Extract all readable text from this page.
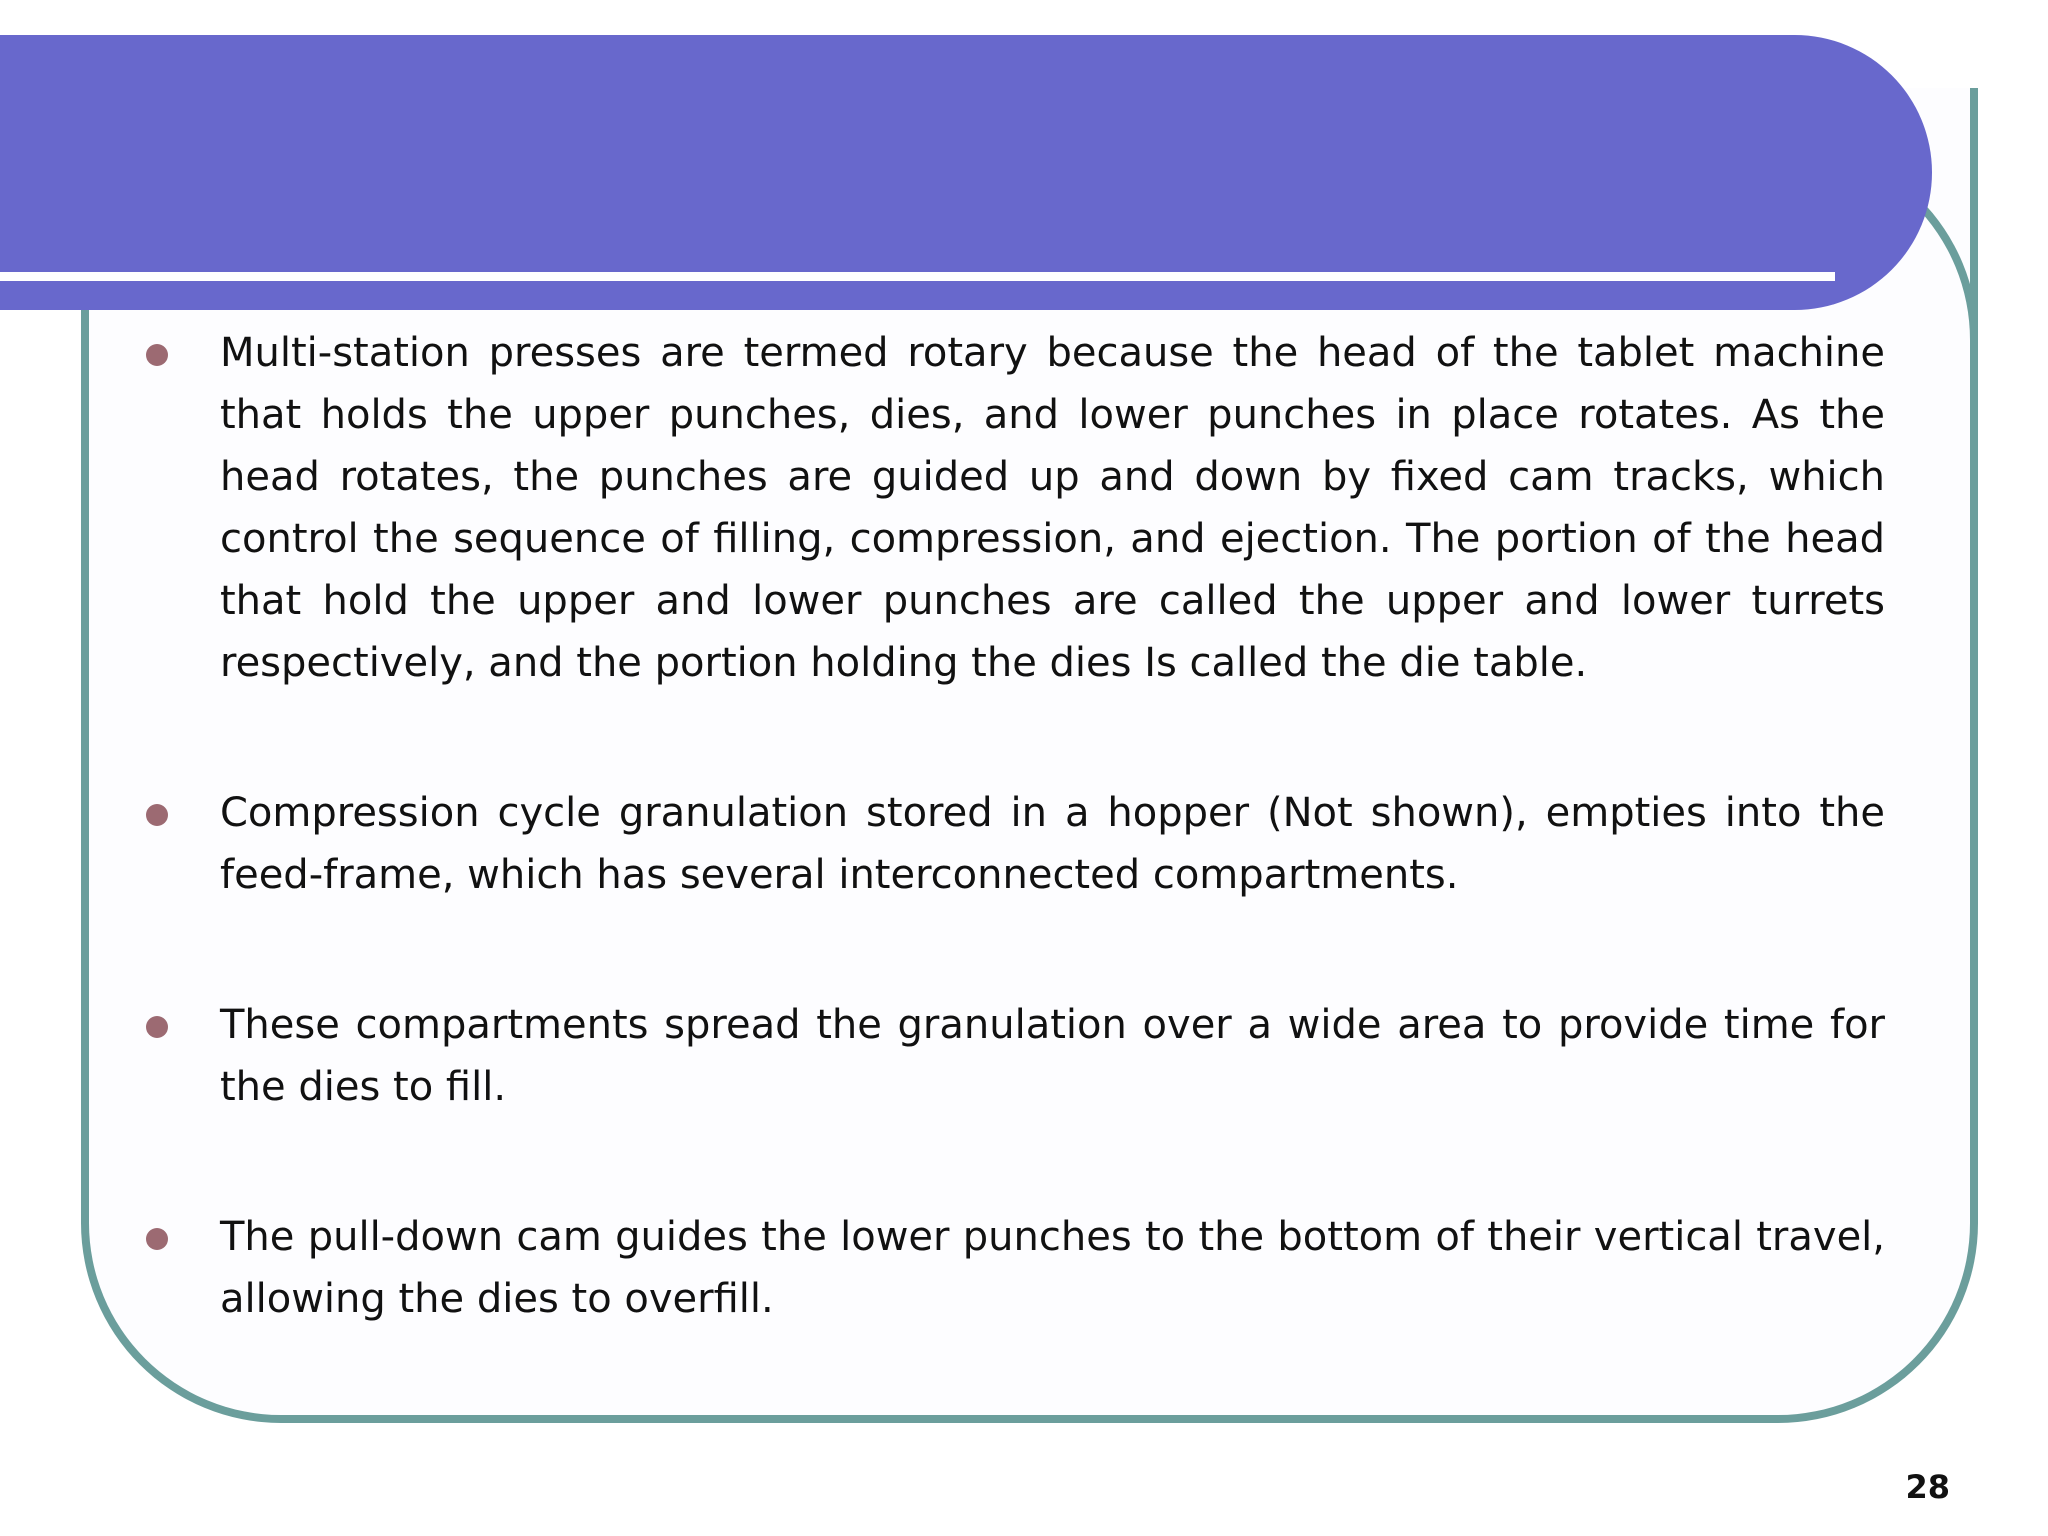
Multi-station presses are termed rotary because the head of the tablet machine that holds the upper punches, dies, and lower punches in place rotates. As the head rotates, the punches are guided up and down by fixed cam tracks, which control the sequence of filling, compression, and ejection. The portion of the head that hold the upper and lower punches are called the upper and lower turrets respectively, and the portion holding the dies Is called the die table.
Compression cycle granulation stored in a hopper (Not shown), empties into the feed-frame, which has several interconnected compartments.
These compartments spread the granulation over a wide area to provide time for the dies to fill.
The pull-down cam guides the lower punches to the bottom of their vertical travel, allowing the dies to overfill.
28
